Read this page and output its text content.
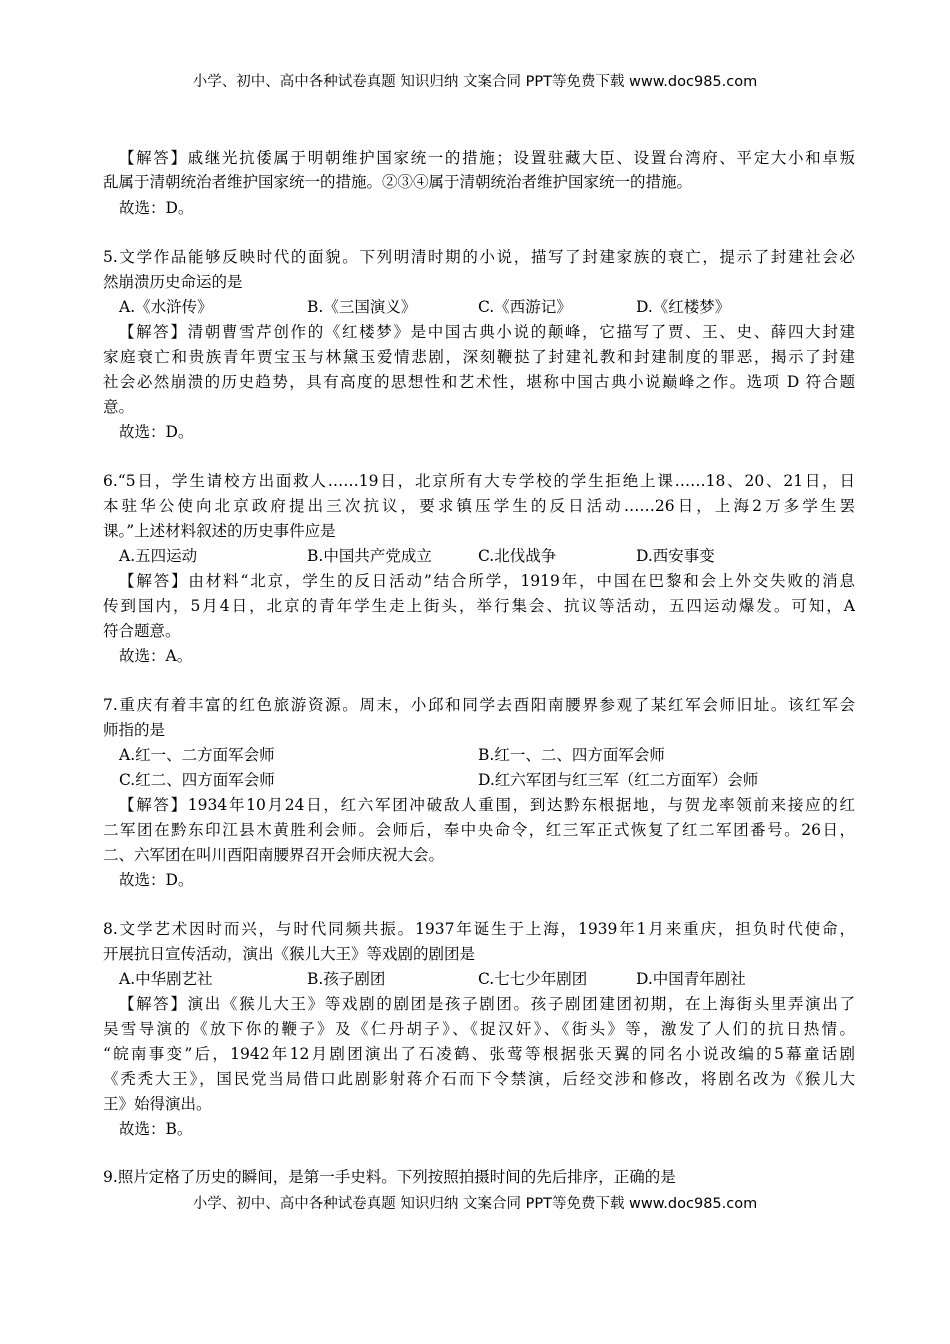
小学、初中、高中各种试卷真题 知识归纳 文案合同 PPT等免费下载 www.doc985.com
【解答】戚继光抗倭属于明朝维护国家统一的措施；设置驻藏大臣、设置台湾府、平定大小和卓叛
乱属于清朝统治者维护国家统一的措施。②③④属于清朝统治者维护国家统一的措施。
故选：D。
5.文学作品能够反映时代的面貌。下列明清时期的小说，描写了封建家族的衰亡，提示了封建社会必
然崩溃历史命运的是
A.《水浒传》	B.《三国演义》	C.《西游记》	D.《红楼梦》
【解答】清朝曹雪芹创作的《红楼梦》是中国古典小说的颠峰，它描写了贾、王、史、薛四大封建
家庭衰亡和贵族青年贾宝玉与林黛玉爱情悲剧，深刻鞭挞了封建礼教和封建制度的罪恶，揭示了封建
社会必然崩溃的历史趋势，具有高度的思想性和艺术性，堪称中国古典小说巅峰之作。选项 D 符合题
意。
故选：D。
6.“5日，学生请校方出面救人……19日，北京所有大专学校的学生拒绝上课……18、20、21日，日
本驻华公使向北京政府提出三次抗议，要求镇压学生的反日活动……26日，上海2万多学生罢
课。”上述材料叙述的历史事件应是
A.五四运动	B.中国共产党成立	C.北伐战争	D.西安事变
【解答】由材料“北京，学生的反日活动”结合所学，1919年，中国在巴黎和会上外交失败的消息
传到国内，5月4日，北京的青年学生走上街头，举行集会、抗议等活动，五四运动爆发。可知，A
符合题意。
故选：A。
7.重庆有着丰富的红色旅游资源。周末，小邱和同学去酉阳南腰界参观了某红军会师旧址。该红军会
师指的是
A.红一、二方面军会师	B.红一、二、四方面军会师
C.红二、四方面军会师	D.红六军团与红三军（红二方面军）会师
【解答】1934年10月24日，红六军团冲破敌人重围，到达黔东根据地，与贺龙率领前来接应的红
二军团在黔东印江县木黄胜利会师。会师后，奉中央命令，红三军正式恢复了红二军团番号。26日，
二、六军团在叫川酉阳南腰界召开会师庆祝大会。
故选：D。
8.文学艺术因时而兴，与时代同频共振。1937年诞生于上海，1939年1月来重庆，担负时代使命，
开展抗日宣传活动，演出《猴儿大王》等戏剧的剧团是
A.中华剧艺社	B.孩子剧团	C.七七少年剧团	D.中国青年剧社
【解答】演出《猴儿大王》等戏剧的剧团是孩子剧团。孩子剧团建团初期，在上海街头里弄演出了
吴雪导演的《放下你的鞭子》及《仁丹胡子》、《捉汉奸》、《街头》等，激发了人们的抗日热情。
“皖南事变”后，1942年12月剧团演出了石凌鹤、张莺等根据张天翼的同名小说改编的5幕童话剧
《秃秃大王》，国民党当局借口此剧影射蒋介石而下令禁演，后经交涉和修改，将剧名改为《猴儿大
王》始得演出。
故选：B。
9.照片定格了历史的瞬间，是第一手史料。下列按照拍摄时间的先后排序，正确的是
小学、初中、高中各种试卷真题 知识归纳 文案合同 PPT等免费下载 www.doc985.com
